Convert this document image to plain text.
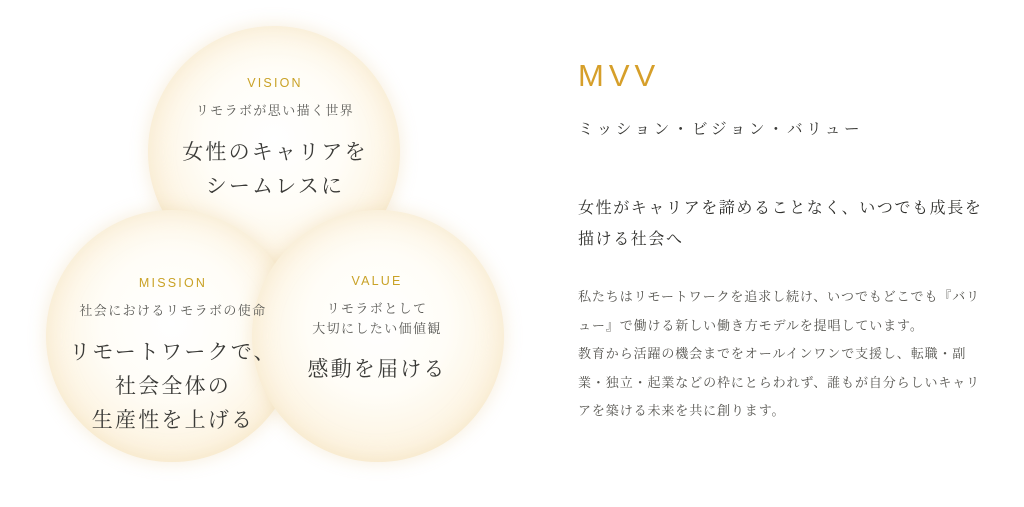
VISION
リモラボが思い描く世界
女性のキャリアを
シームレスに
MISSION
社会におけるリモラボの使命
リモートワークで、
社会全体の
生産性を上げる
VALUE
リモラボとして
大切にしたい価値観
感動を届ける
MVV
ミッション・ビジョン・バリュー
女性がキャリアを諦めることなく、いつでも成長を描ける社会へ

私たちはリモートワークを追求し続け、いつでもどこでも『バリュー』で働ける新しい働き方モデルを提唱しています。

教育から活躍の機会までをオールインワンで支援し、転職・副業・独立・起業などの枠にとらわれず、誰もが自分らしいキャリアを築ける未来を共に創ります。
